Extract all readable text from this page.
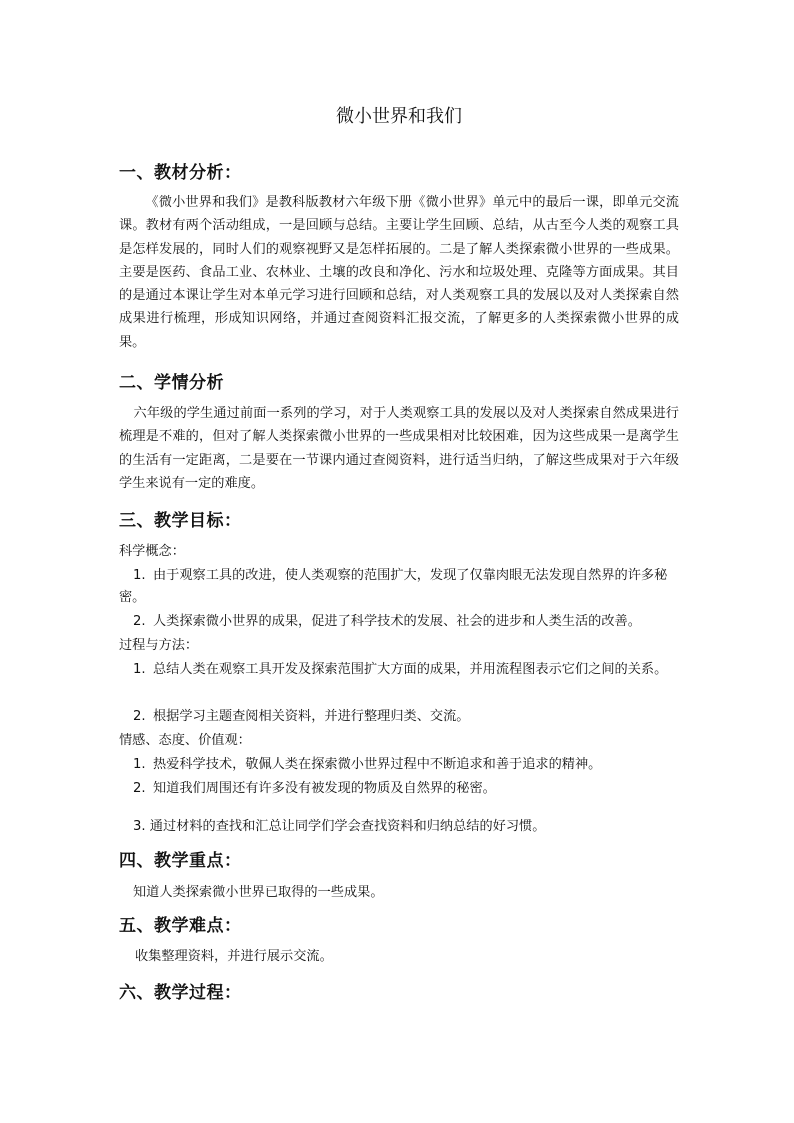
微小世界和我们
一、教材分析：
《微小世界和我们》是教科版教材六年级下册《微小世界》单元中的最后一课，即单元交流课。教材有两个活动组成，一是回顾与总结。主要让学生回顾、总结，从古至今人类的观察工具是怎样发展的，同时人们的观察视野又是怎样拓展的。二是了解人类探索微小世界的一些成果。主要是医药、食品工业、农林业、土壤的改良和净化、污水和垃圾处理、克隆等方面成果。其目的是通过本课让学生对本单元学习进行回顾和总结，对人类观察工具的发展以及对人类探索自然成果进行梳理，形成知识网络，并通过查阅资料汇报交流，了解更多的人类探索微小世界的成果。
二、学情分析
六年级的学生通过前面一系列的学习，对于人类观察工具的发展以及对人类探索自然成果进行梳理是不难的，但对了解人类探索微小世界的一些成果相对比较困难，因为这些成果一是离学生的生活有一定距离，二是要在一节课内通过查阅资料，进行适当归纳，了解这些成果对于六年级学生来说有一定的难度。
三、教学目标：
科学概念：
1. 由于观察工具的改进，使人类观察的范围扩大，发现了仅靠肉眼无法发现自然界的许多秘密。
2. 人类探索微小世界的成果，促进了科学技术的发展、社会的进步和人类生活的改善。
过程与方法：
1. 总结人类在观察工具开发及探索范围扩大方面的成果，并用流程图表示它们之间的关系。
2. 根据学习主题查阅相关资料，并进行整理归类、交流。
情感、态度、价值观：
1. 热爱科学技术，敬佩人类在探索微小世界过程中不断追求和善于追求的精神。
2. 知道我们周围还有许多没有被发现的物质及自然界的秘密。
3. 通过材料的查找和汇总让同学们学会查找资料和归纳总结的好习惯。
四、教学重点：
知道人类探索微小世界已取得的一些成果。
五、教学难点：
收集整理资料，并进行展示交流。
六、教学过程：
